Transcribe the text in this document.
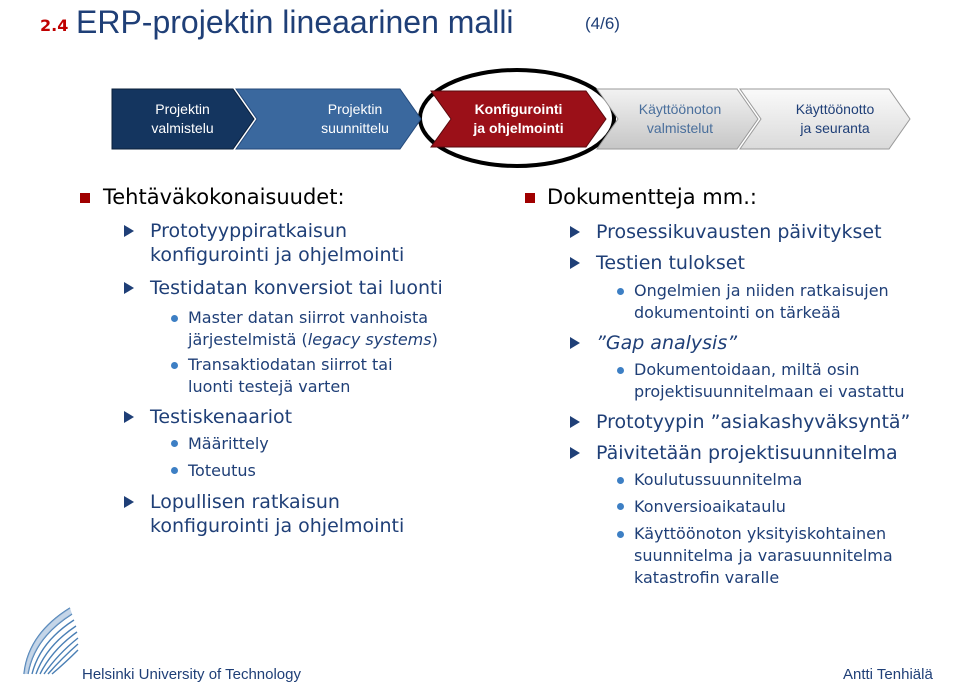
2.4 ERP-projektin lineaarinen malli	(4/6)
Projektin
valmistelu
Projektin
suunnittelu
Konfigurointi
ja ohjelmointi
Käyttöönoton
valmistelut
Käyttöönotto
ja seuranta
Tehtäväkokonaisuudet:
Prototyyppiratkaisun
konfigurointi ja ohjelmointi
Testidatan konversiot tai luonti
Master datan siirrot vanhoista
järjestelmistä (legacy systems)
Transaktiodatan siirrot tai
luonti testejä varten
Testiskenaariot
Määrittely
Toteutus
Lopullisen ratkaisun
konfigurointi ja ohjelmointi
Dokumentteja mm.:
Prosessikuvausten päivitykset
Testien tulokset
Ongelmien ja niiden ratkaisujen
dokumentointi on tärkeää
”Gap analysis”
Dokumentoidaan, miltä osin
projektisuunnitelmaan ei vastattu
Prototyypin ”asiakashyväksyntä”
Päivitetään projektisuunnitelma
Koulutussuunnitelma
Konversioaikataulu
Käyttöönoton yksityiskohtainen
suunnitelma ja varasuunnitelma
katastrofin varalle
Helsinki University of Technology	Antti Tenhiälä
